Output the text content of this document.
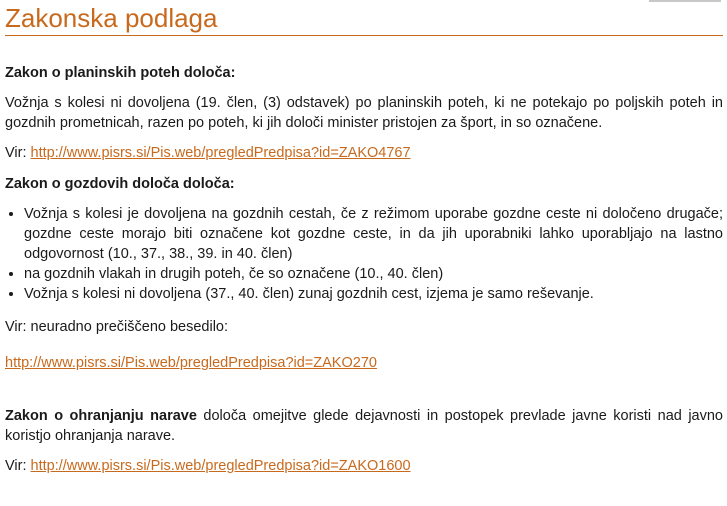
Zakonska podlaga

Zakon o planinskih poteh določa:

Vožnja s kolesi ni dovoljena (19. člen, (3) odstavek) po planinskih poteh, ki ne potekajo po poljskih poteh in gozdnih prometnicah, razen po poteh, ki jih določi minister pristojen za šport, in so označene.

Vir: http://www.pisrs.si/Pis.web/pregledPredpisa?id=ZAKO4767

Zakon o gozdovih določa določa:

• Vožnja s kolesi je dovoljena na gozdnih cestah, če z režimom uporabe gozdne ceste ni določeno drugače; gozdne ceste morajo biti označene kot gozdne ceste, in da jih uporabniki lahko uporabljajo na lastno odgovornost (10., 37., 38., 39. in 40. člen)
• na gozdnih vlakah in drugih poteh, če so označene (10., 40. člen)
• Vožnja s kolesi ni dovoljena (37., 40. člen) zunaj gozdnih cest, izjema je samo reševanje.

Vir: neuradno prečiščeno besedilo:

http://www.pisrs.si/Pis.web/pregledPredpisa?id=ZAKO270

Zakon o ohranjanju narave določa omejitve glede dejavnosti in postopek prevlade javne koristi nad javno koristjo ohranjanja narave.

Vir: http://www.pisrs.si/Pis.web/pregledPredpisa?id=ZAKO1600
